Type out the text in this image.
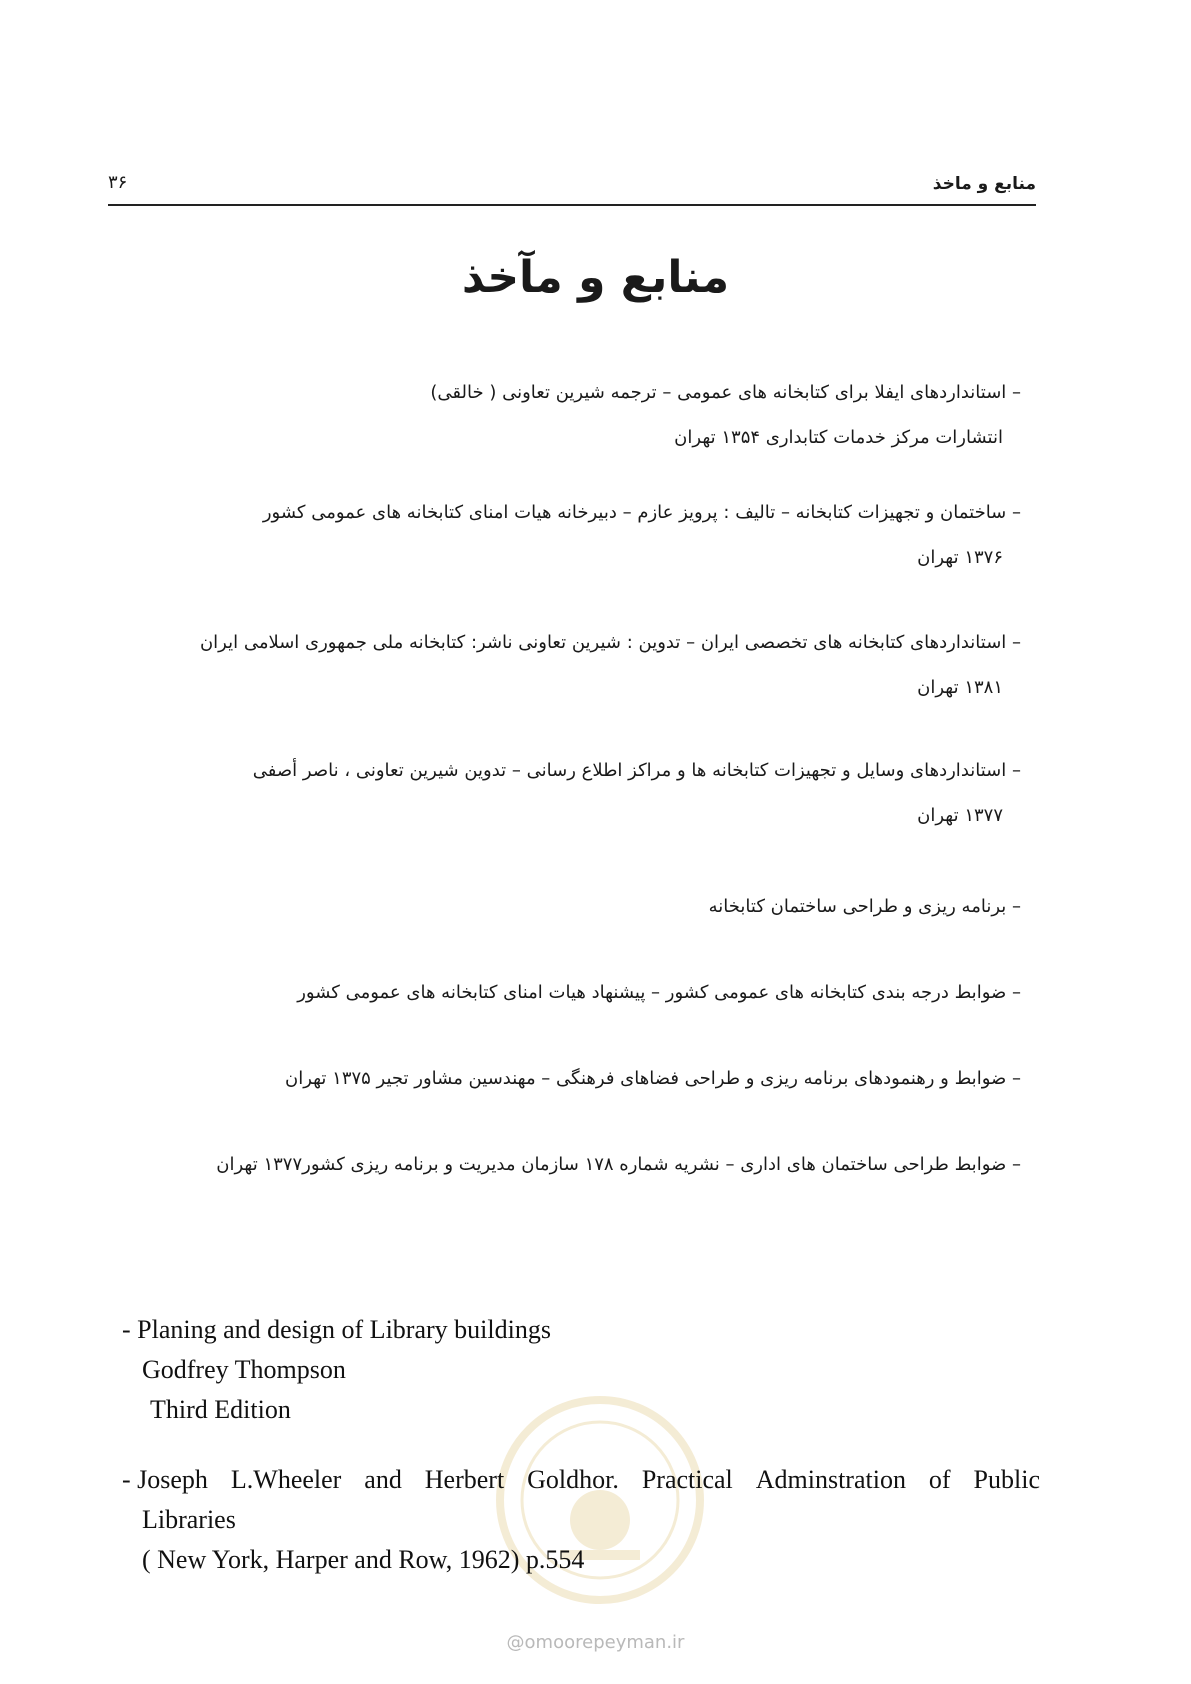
۳۶	منابع و ماخذ
منابع و مآخذ
– استانداردهای ایفلا برای کتابخانه های عمومی – ترجمه شیرین تعاونی ( خالقی)
انتشارات مرکز خدمات کتابداری ۱۳۵۴ تهران
– ساختمان و تجهیزات کتابخانه – تالیف : پرویز عازم – دبیرخانه هیات امنای کتابخانه های عمومی کشور
۱۳۷۶ تهران
– استانداردهای کتابخانه های تخصصی ایران – تدوین : شیرین تعاونی ناشر: کتابخانه ملی جمهوری اسلامی ایران
۱۳۸۱ تهران
– استانداردهای وسایل و تجهیزات کتابخانه ها و مراکز اطلاع رسانی – تدوین شیرین تعاونی ، ناصر أصفی
۱۳۷۷ تهران
– برنامه ریزی و طراحی ساختمان کتابخانه
– ضوابط درجه بندی کتابخانه های عمومی کشور – پیشنهاد هیات امنای کتابخانه های عمومی کشور
– ضوابط و رهنمودهای برنامه ریزی و طراحی فضاهای فرهنگی – مهندسین مشاور تجیر ۱۳۷۵ تهران
– ضوابط طراحی ساختمان های اداری – نشریه شماره ۱۷۸ سازمان مدیریت و برنامه ریزی کشور۱۳۷۷ تهران
- Planing and design of Library buildings
Godfrey Thompson
Third Edition
- Joseph L.Wheeler and Herbert Goldhor. Practical Adminstration of Public
Libraries
( New York, Harper and Row, 1962) p.554
@omoorepeyman.ir
